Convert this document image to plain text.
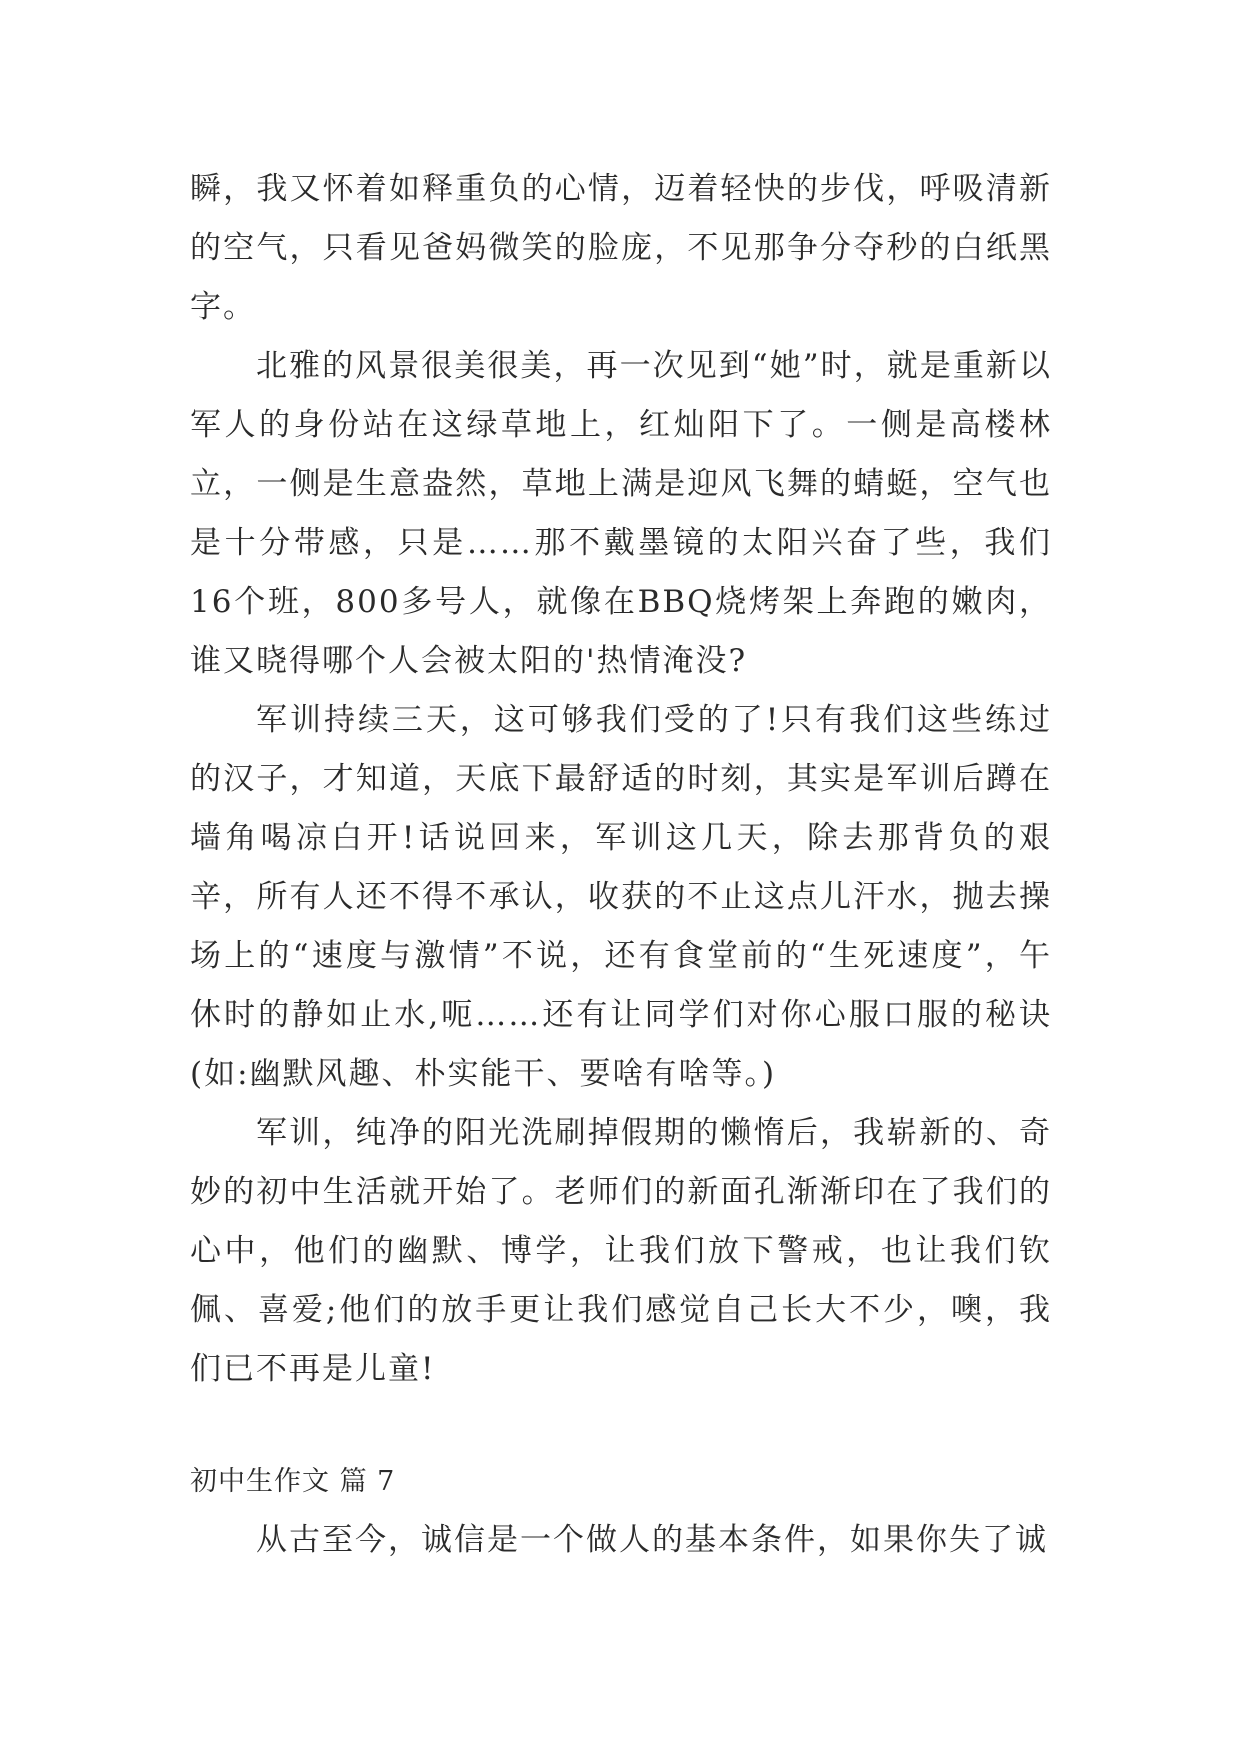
瞬，我又怀着如释重负的心情，迈着轻快的步伐，呼吸清新的空气，只看见爸妈微笑的脸庞，不见那争分夺秒的白纸黑字。

北雅的风景很美很美，再一次见到“她”时，就是重新以军人的身份站在这绿草地上，红灿阳下了。一侧是高楼林立，一侧是生意盎然，草地上满是迎风飞舞的蜻蜓，空气也是十分带感，只是……那不戴墨镜的太阳兴奋了些，我们16个班，800多号人，就像在BBQ烧烤架上奔跑的嫩肉，谁又晓得哪个人会被太阳的'热情淹没?

军训持续三天，这可够我们受的了!只有我们这些练过的汉子，才知道，天底下最舒适的时刻，其实是军训后蹲在墙角喝凉白开!话说回来，军训这几天，除去那背负的艰辛，所有人还不得不承认，收获的不止这点儿汗水，抛去操场上的“速度与激情”不说，还有食堂前的“生死速度”，午休时的静如止水,呃……还有让同学们对你心服口服的秘诀(如:幽默风趣、朴实能干、要啥有啥等。)

军训，纯净的阳光洗刷掉假期的懒惰后，我崭新的、奇妙的初中生活就开始了。老师们的新面孔渐渐印在了我们的心中，他们的幽默、博学，让我们放下警戒，也让我们钦佩、喜爱;他们的放手更让我们感觉自己长大不少，噢，我们已不再是儿童!

初中生作文 篇 7

从古至今，诚信是一个做人的基本条件，如果你失了诚
